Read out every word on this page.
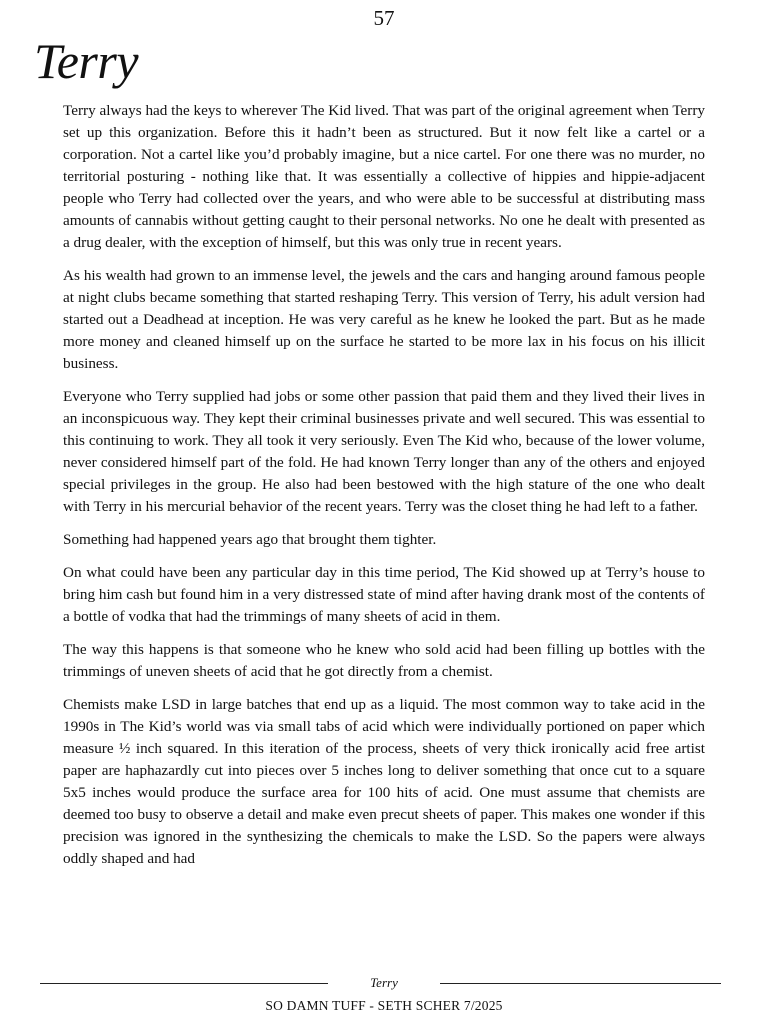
57
Terry

Terry always had the keys to wherever The Kid lived. That was part of the original agreement when Terry set up this organization. Before this it hadn’t been as structured. But it now felt like a cartel or a corporation. Not a cartel like you’d probably imagine, but a nice cartel. For one there was no murder, no territorial posturing - nothing like that. It was essentially a collective of hippies and hippie-adjacent people who Terry had collected over the years, and who were able to be successful at distributing mass amounts of cannabis without getting caught to their personal networks. No one he dealt with presented as a drug dealer, with the exception of himself, but this was only true in recent years.

As his wealth had grown to an immense level, the jewels and the cars and hanging around famous people at night clubs became something that started reshaping Terry. This version of Terry, his adult version had started out a Deadhead at inception. He was very careful as he knew he looked the part. But as he made more money and cleaned himself up on the surface he started to be more lax in his focus on his illicit business.

Everyone who Terry supplied had jobs or some other passion that paid them and they lived their lives in an inconspicuous way. They kept their criminal businesses private and well secured. This was essential to this continuing to work. They all took it very seriously. Even The Kid who, because of the lower volume, never considered himself part of the fold. He had known Terry longer than any of the others and enjoyed special privileges in the group. He also had been bestowed with the high stature of the one who dealt with Terry in his mercurial behavior of the recent years. Terry was the closet thing he had left to a father.

Something had happened years ago that brought them tighter.

On what could have been any particular day in this time period, The Kid showed up at Terry’s house to bring him cash but found him in a very distressed state of mind after having drank most of the contents of a bottle of vodka that had the trimmings of many sheets of acid in them.

The way this happens is that someone who he knew who sold acid had been filling up bottles with the trimmings of uneven sheets of acid that he got directly from a chemist.

Chemists make LSD in large batches that end up as a liquid. The most common way to take acid in the 1990s in The Kid’s world was via small tabs of acid which were individually portioned on paper which measure ½ inch squared. In this iteration of the process, sheets of very thick ironically acid free artist paper are haphazardly cut into pieces over 5 inches long to deliver something that once cut to a square 5x5 inches would produce the surface area for 100 hits of acid. One must assume that chemists are deemed too busy to observe a detail and make even precut sheets of paper. This makes one wonder if this precision was ignored in the synthesizing the chemicals to make the LSD. So the papers were always oddly shaped and had

Terry
SO DAMN TUFF - SETH SCHER 7/2025
